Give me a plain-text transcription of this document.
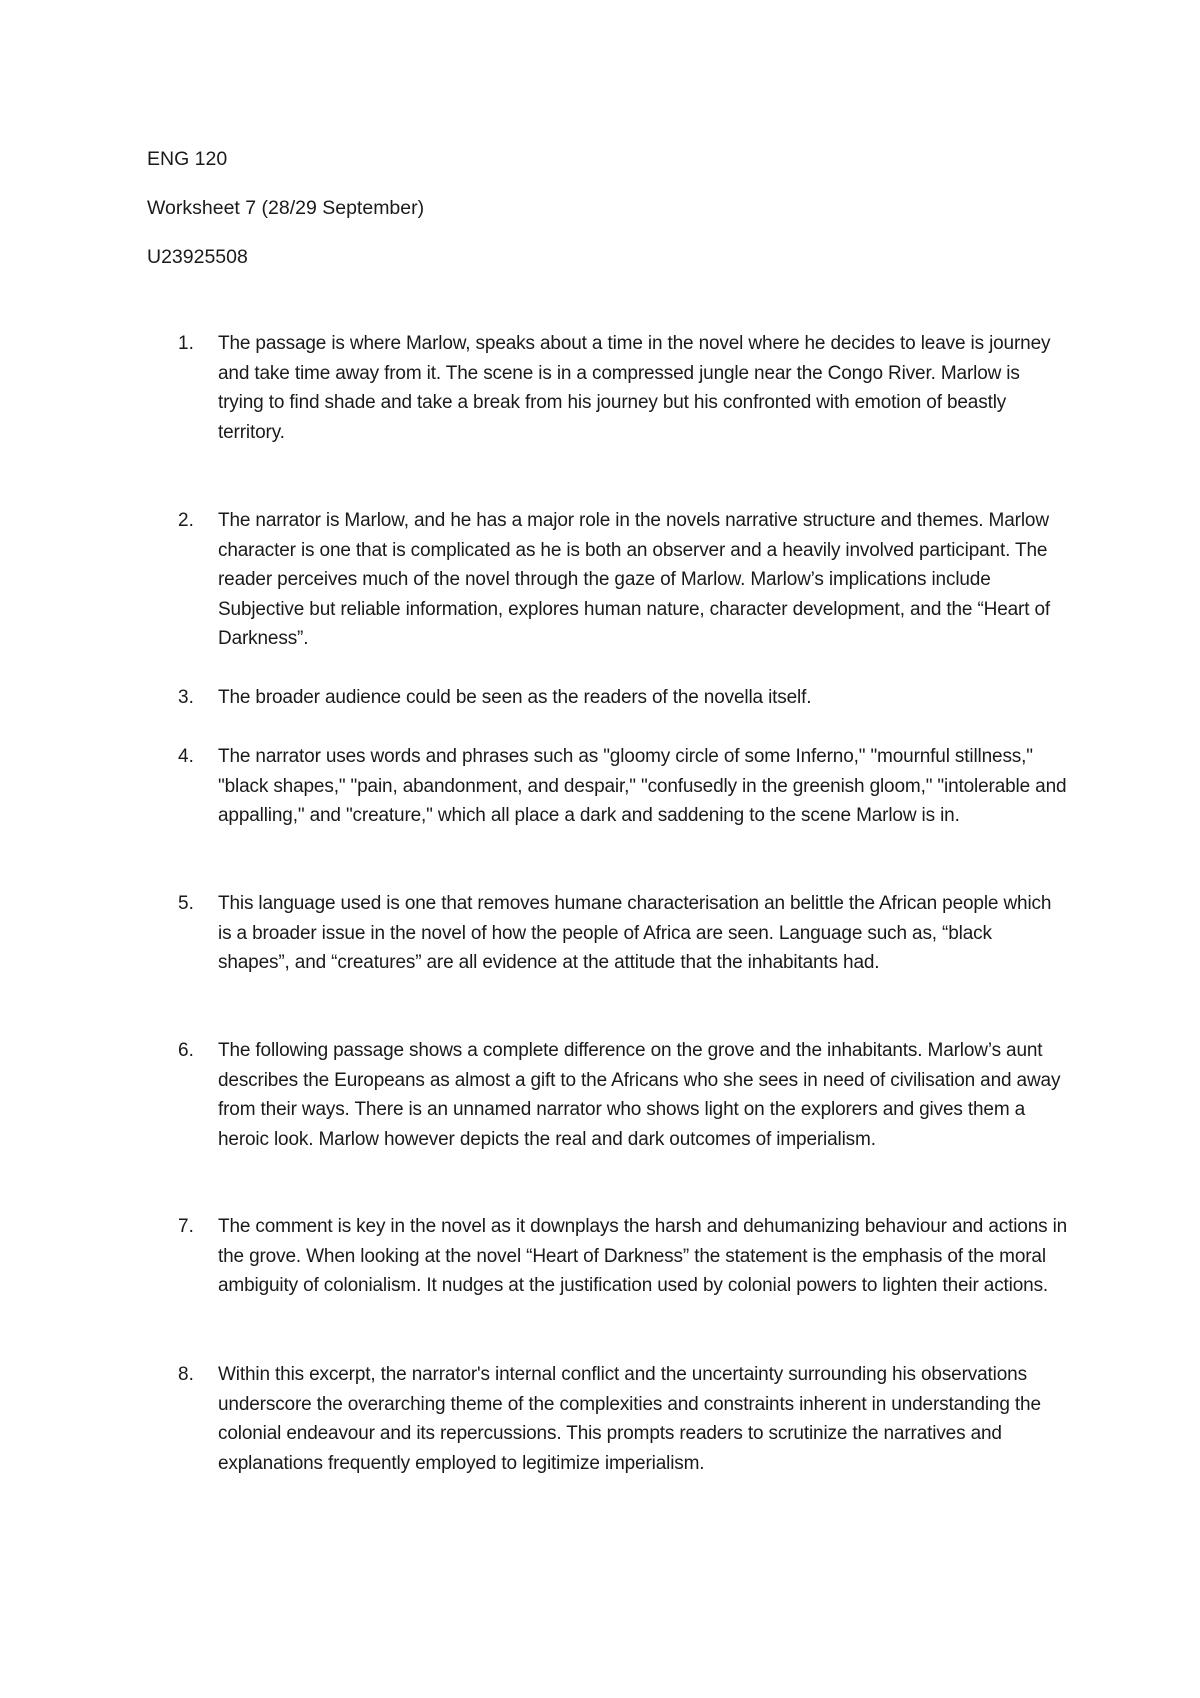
ENG 120
Worksheet 7 (28/29 September)
U23925508
1. The passage is where Marlow, speaks about a time in the novel where he decides to leave is journey and take time away from it. The scene is in a compressed jungle near the Congo River. Marlow is trying to find shade and take a break from his journey but his confronted with emotion of beastly territory.
2. The narrator is Marlow, and he has a major role in the novels narrative structure and themes. Marlow character is one that is complicated as he is both an observer and a heavily involved participant. The reader perceives much of the novel through the gaze of Marlow. Marlow’s implications include Subjective but reliable information, explores human nature, character development, and the “Heart of Darkness”.
3. The broader audience could be seen as the readers of the novella itself.
4. The narrator uses words and phrases such as "gloomy circle of some Inferno," "mournful stillness," "black shapes," "pain, abandonment, and despair," "confusedly in the greenish gloom," "intolerable and appalling," and "creature," which all place a dark and saddening to the scene Marlow is in.
5. This language used is one that removes humane characterisation an belittle the African people which is a broader issue in the novel of how the people of Africa are seen. Language such as, “black shapes”, and “creatures” are all evidence at the attitude that the inhabitants had.
6. The following passage shows a complete difference on the grove and the inhabitants. Marlow’s aunt describes the Europeans as almost a gift to the Africans who she sees in need of civilisation and away from their ways. There is an unnamed narrator who shows light on the explorers and gives them a heroic look. Marlow however depicts the real and dark outcomes of imperialism.
7. The comment is key in the novel as it downplays the harsh and dehumanizing behaviour and actions in the grove. When looking at the novel “Heart of Darkness” the statement is the emphasis of the moral ambiguity of colonialism. It nudges at the justification used by colonial powers to lighten their actions.
8. Within this excerpt, the narrator's internal conflict and the uncertainty surrounding his observations underscore the overarching theme of the complexities and constraints inherent in understanding the colonial endeavour and its repercussions. This prompts readers to scrutinize the narratives and explanations frequently employed to legitimize imperialism.
